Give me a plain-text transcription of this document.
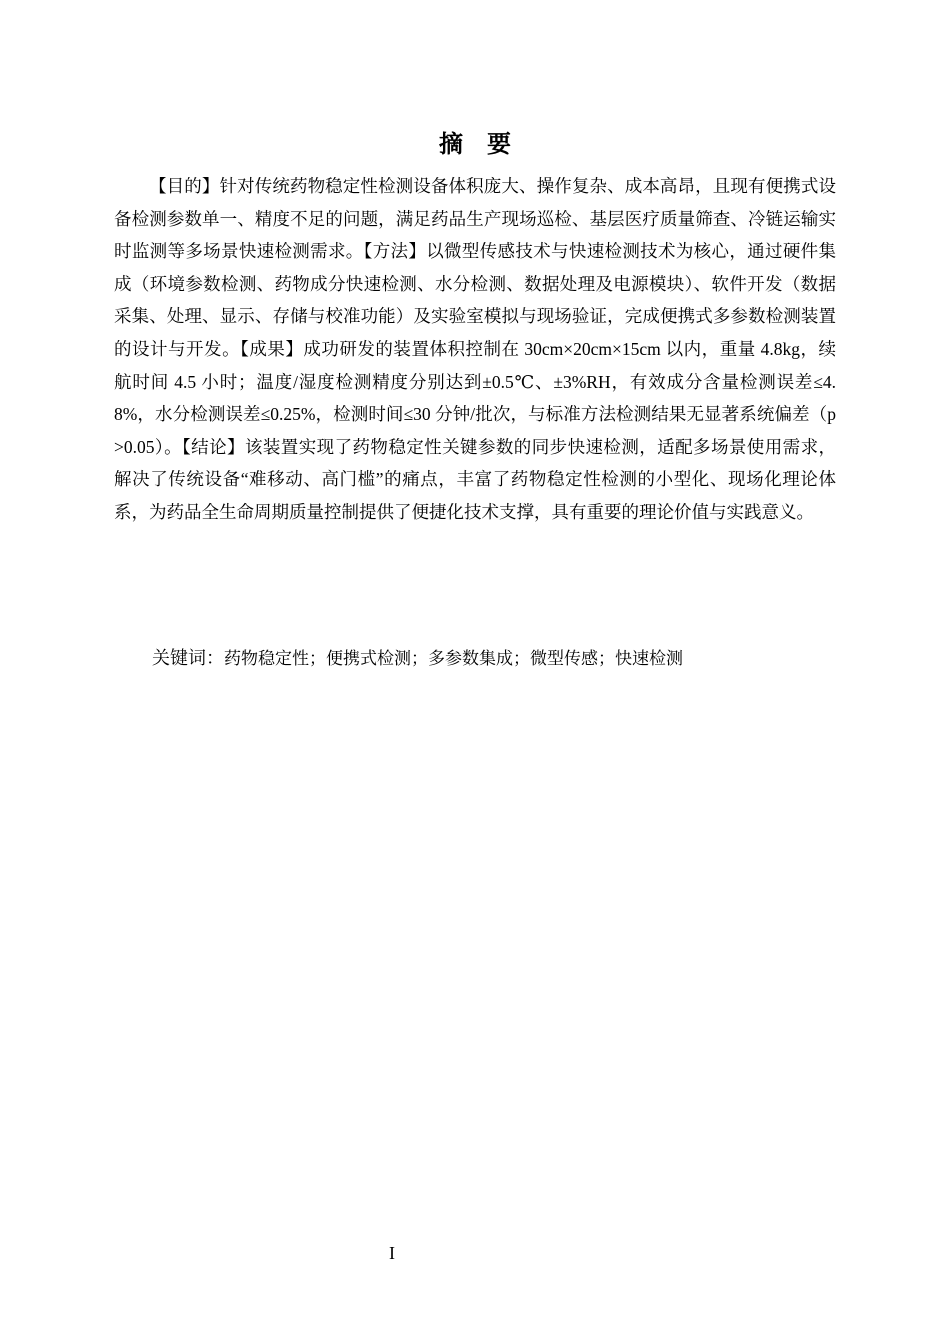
摘要

【目的】针对传统药物稳定性检测设备体积庞大、操作复杂、成本高昂，且现有便携式设备检测参数单一、精度不足的问题，满足药品生产现场巡检、基层医疗质量筛查、冷链运输实时监测等多场景快速检测需求。【方法】以微型传感技术与快速检测技术为核心，通过硬件集成（环境参数检测、药物成分快速检测、水分检测、数据处理及电源模块）、软件开发（数据采集、处理、显示、存储与校准功能）及实验室模拟与现场验证，完成便携式多参数检测装置的设计与开发。【成果】成功研发的装置体积控制在 30cm×20cm×15cm 以内，重量 4.8kg，续航时间 4.5 小时；温度/湿度检测精度分别达到±0.5℃、±3%RH，有效成分含量检测误差≤4.8%，水分检测误差≤0.25%，检测时间≤30 分钟/批次，与标准方法检测结果无显著系统偏差（p>0.05）。【结论】该装置实现了药物稳定性关键参数的同步快速检测，适配多场景使用需求，解决了传统设备“难移动、高门槛”的痛点，丰富了药物稳定性检测的小型化、现场化理论体系，为药品全生命周期质量控制提供了便捷化技术支撑，具有重要的理论价值与实践意义。

关键词：药物稳定性；便携式检测；多参数集成；微型传感；快速检测
I
